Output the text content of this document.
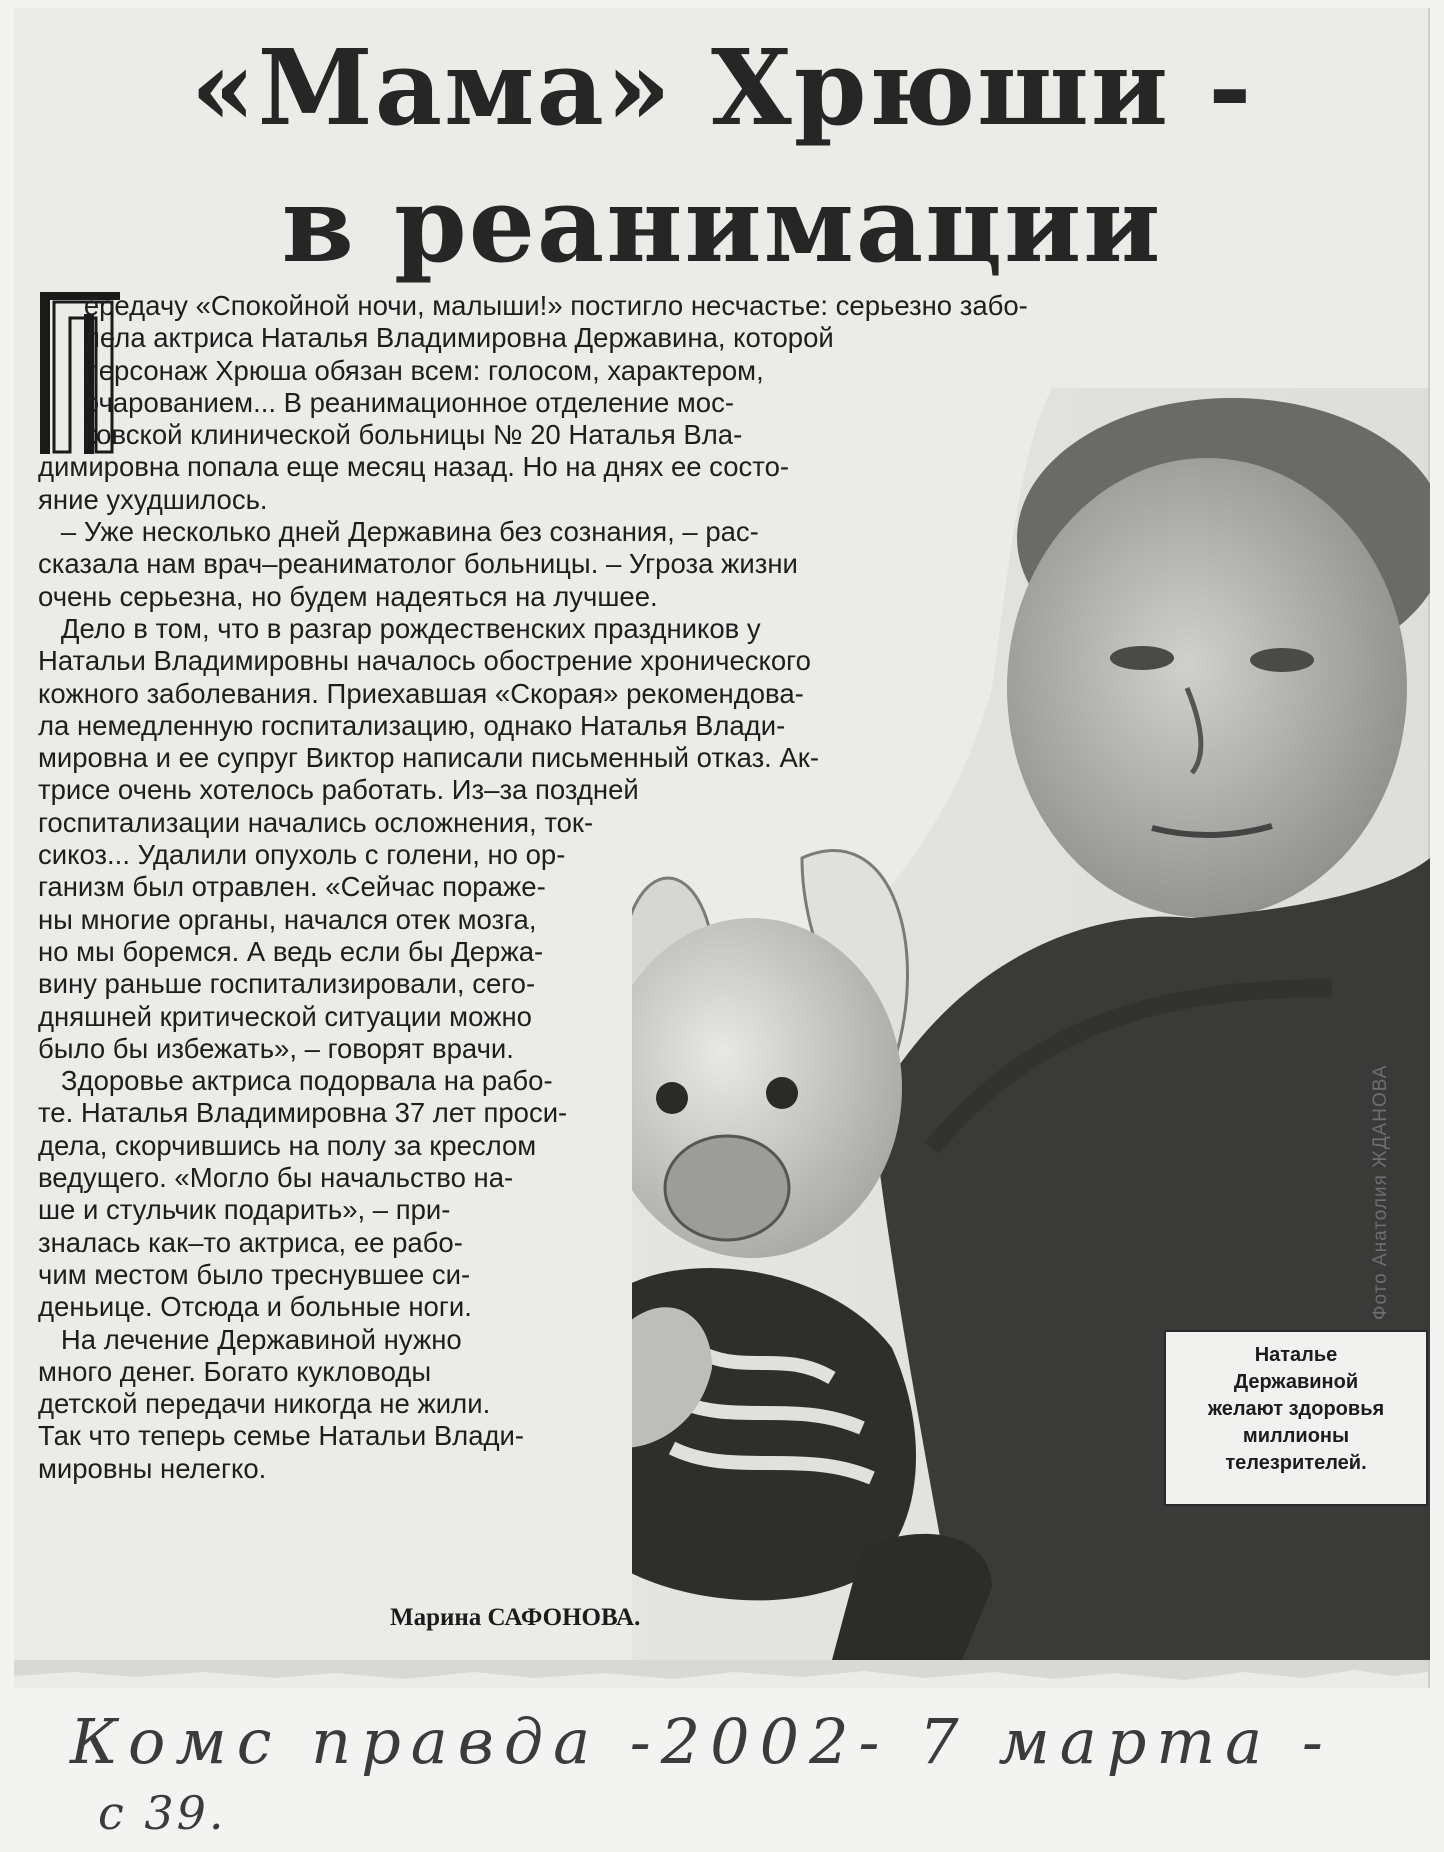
«Мама» Хрюши -
в реанимации
ередачу «Спокойной ночи, малыши!» постигло несчастье: серьезно забо-
лела актриса Наталья Владимировна Державина, которой
персонаж Хрюша обязан всем: голосом, характером,
очарованием... В реанимационное отделение мос-
ковской клинической больницы № 20 Наталья Вла-
димировна попала еще месяц назад. Но на днях ее состо-
яние ухудшилось.
– Уже несколько дней Державина без сознания, – рас-
сказала нам врач–реаниматолог больницы. – Угроза жизни
очень серьезна, но будем надеяться на лучшее.
Дело в том, что в разгар рождественских праздников у
Натальи Владимировны началось обострение хронического
кожного заболевания. Приехавшая «Скорая» рекомендова-
ла немедленную госпитализацию, однако Наталья Влади-
мировна и ее супруг Виктор написали письменный отказ. Ак-
трисе очень хотелось работать. Из–за поздней
госпитализации начались осложнения, ток-
сикоз... Удалили опухоль с голени, но ор-
ганизм был отравлен. «Сейчас пораже-
ны многие органы, начался отек мозга,
но мы боремся. А ведь если бы Держа-
вину раньше госпитализировали, сего-
дняшней критической ситуации можно
было бы избежать», – говорят врачи.
Здоровье актриса подорвала на рабо-
те. Наталья Владимировна 37 лет проси-
дела, скорчившись на полу за креслом
ведущего. «Могло бы начальство на-
ше и стульчик подарить», – при-
зналась как–то актриса, ее рабо-
чим местом было треснувшее си-
деньице. Отсюда и больные ноги.
На лечение Державиной нужно
много денег. Богато кукловоды
детской передачи никогда не жили.
Так что теперь семье Натальи Влади-
мировны нелегко.
Фото Анатолия ЖДАНОВА
Наталье
Державиной
желают здоровья
миллионы
телезрителей.
Марина САФОНОВА.
Комс правда -2002- 7 марта -
с 39.
